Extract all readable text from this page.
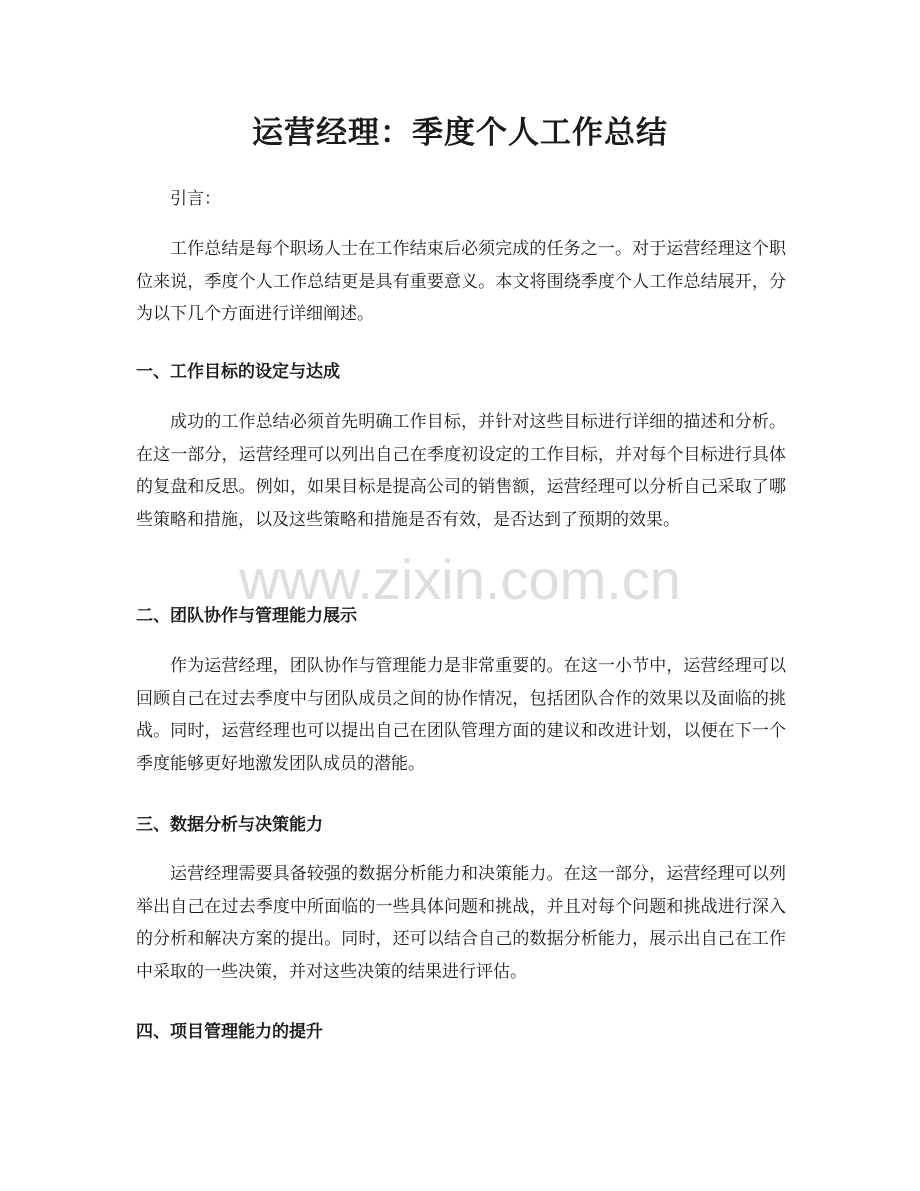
运营经理：季度个人工作总结

引言：

工作总结是每个职场人士在工作结束后必须完成的任务之一。对于运营经理这个职位来说，季度个人工作总结更是具有重要意义。本文将围绕季度个人工作总结展开，分为以下几个方面进行详细阐述。

一、工作目标的设定与达成

成功的工作总结必须首先明确工作目标，并针对这些目标进行详细的描述和分析。在这一部分，运营经理可以列出自己在季度初设定的工作目标，并对每个目标进行具体的复盘和反思。例如，如果目标是提高公司的销售额，运营经理可以分析自己采取了哪些策略和措施，以及这些策略和措施是否有效，是否达到了预期的效果。

二、团队协作与管理能力展示

作为运营经理，团队协作与管理能力是非常重要的。在这一小节中，运营经理可以回顾自己在过去季度中与团队成员之间的协作情况，包括团队合作的效果以及面临的挑战。同时，运营经理也可以提出自己在团队管理方面的建议和改进计划，以便在下一个季度能够更好地激发团队成员的潜能。

三、数据分析与决策能力

运营经理需要具备较强的数据分析能力和决策能力。在这一部分，运营经理可以列举出自己在过去季度中所面临的一些具体问题和挑战，并且对每个问题和挑战进行深入的分析和解决方案的提出。同时，还可以结合自己的数据分析能力，展示出自己在工作中采取的一些决策，并对这些决策的结果进行评估。

四、项目管理能力的提升
www.zixin.com.cn
